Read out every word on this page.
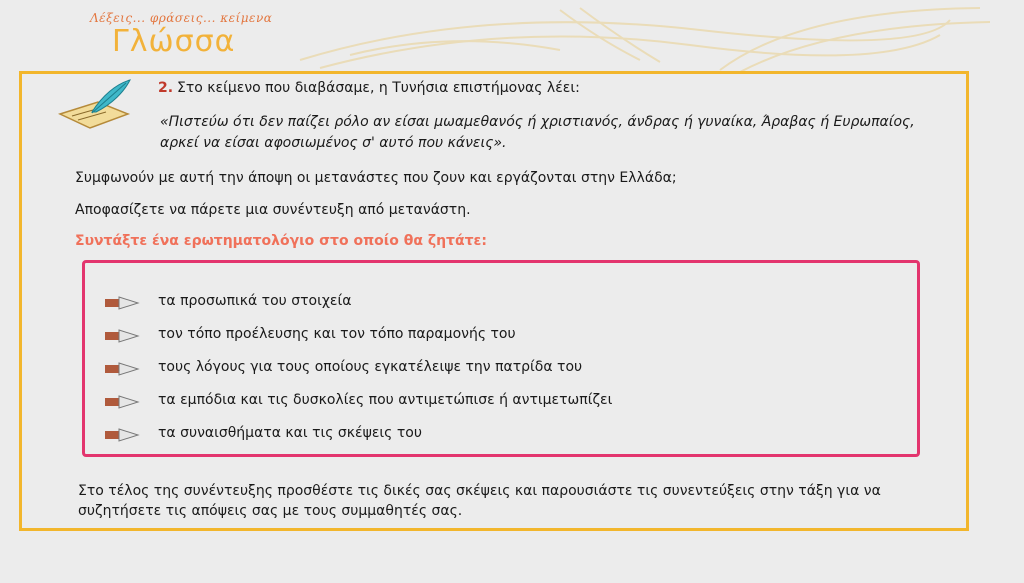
Λέξεις... φράσεις... κείμενα
Γλώσσα
2. Στο κείμενο που διαβάσαμε, η Τυνήσια επιστήμονας λέει:
«Πιστεύω ότι δεν παίζει ρόλο αν είσαι μωαμεθανός ή χριστιανός, άνδρας ή γυναίκα, Άραβας ή Ευρωπαίος, αρκεί να είσαι αφοσιωμένος σ' αυτό που κάνεις».
Συμφωνούν με αυτή την άποψη οι μετανάστες που ζουν και εργάζονται στην Ελλάδα;
Αποφασίζετε να πάρετε μια συνέντευξη από μετανάστη.
Συντάξτε ένα ερωτηματολόγιο στο οποίο θα ζητάτε:
τα προσωπικά του στοιχεία
τον τόπο προέλευσης και τον τόπο παραμονής του
τους λόγους για τους οποίους εγκατέλειψε την πατρίδα του
τα εμπόδια και τις δυσκολίες που αντιμετώπισε ή αντιμετωπίζει
τα συναισθήματα και τις σκέψεις του
Στο τέλος της συνέντευξης προσθέστε τις δικές σας σκέψεις και παρουσιάστε τις συνεντεύξεις στην τάξη για να συζητήσετε τις απόψεις σας με τους συμμαθητές σας.
